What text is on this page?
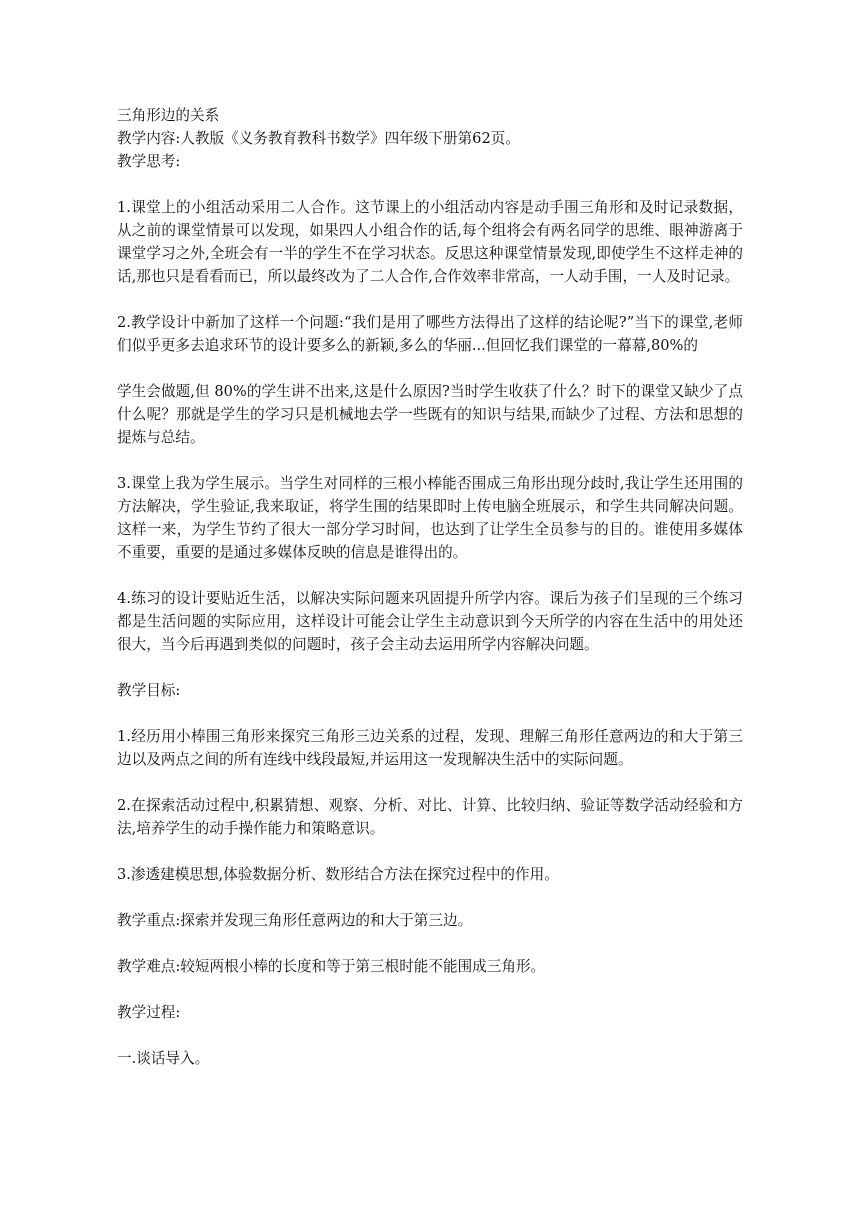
三角形边的关系

教学内容:人教版《义务教育教科书数学》四年级下册第62页。

教学思考:

1.课堂上的小组活动采用二人合作。这节课上的小组活动内容是动手围三角形和及时记录数据，从之前的课堂情景可以发现，如果四人小组合作的话,每个组将会有两名同学的思维、眼神游离于课堂学习之外,全班会有一半的学生不在学习状态。反思这种课堂情景发现,即使学生不这样走神的话,那也只是看看而已，所以最终改为了二人合作,合作效率非常高，一人动手围，一人及时记录。

2.教学设计中新加了这样一个问题:“我们是用了哪些方法得出了这样的结论呢?”当下的课堂,老师们似乎更多去追求环节的设计要多么的新颖,多么的华丽...但回忆我们课堂的一幕幕,80%的

学生会做题,但 80%的学生讲不出来,这是什么原因?当时学生收获了什么？时下的课堂又缺少了点什么呢？那就是学生的学习只是机械地去学一些既有的知识与结果,而缺少了过程、方法和思想的提炼与总结。

3.课堂上我为学生展示。当学生对同样的三根小棒能否围成三角形出现分歧时,我让学生还用围的方法解决，学生验证,我来取证，将学生围的结果即时上传电脑全班展示，和学生共同解决问题。这样一来，为学生节约了很大一部分学习时间，也达到了让学生全员参与的目的。谁使用多媒体不重要，重要的是通过多媒体反映的信息是谁得出的。

4.练习的设计要贴近生活，以解决实际问题来巩固提升所学内容。课后为孩子们呈现的三个练习都是生活问题的实际应用，这样设计可能会让学生主动意识到今天所学的内容在生活中的用处还很大，当今后再遇到类似的问题时，孩子会主动去运用所学内容解决问题。

教学目标:

1.经历用小棒围三角形来探究三角形三边关系的过程，发现、理解三角形任意两边的和大于第三边以及两点之间的所有连线中线段最短,并运用这一发现解决生活中的实际问题。

2.在探索活动过程中,积累猜想、观察、分析、对比、计算、比较归纳、验证等数学活动经验和方法,培养学生的动手操作能力和策略意识。

3.渗透建模思想,体验数据分析、数形结合方法在探究过程中的作用。

教学重点:探索并发现三角形任意两边的和大于第三边。

教学难点:较短两根小棒的长度和等于第三根时能不能围成三角形。

教学过程:

一.谈话导入。
